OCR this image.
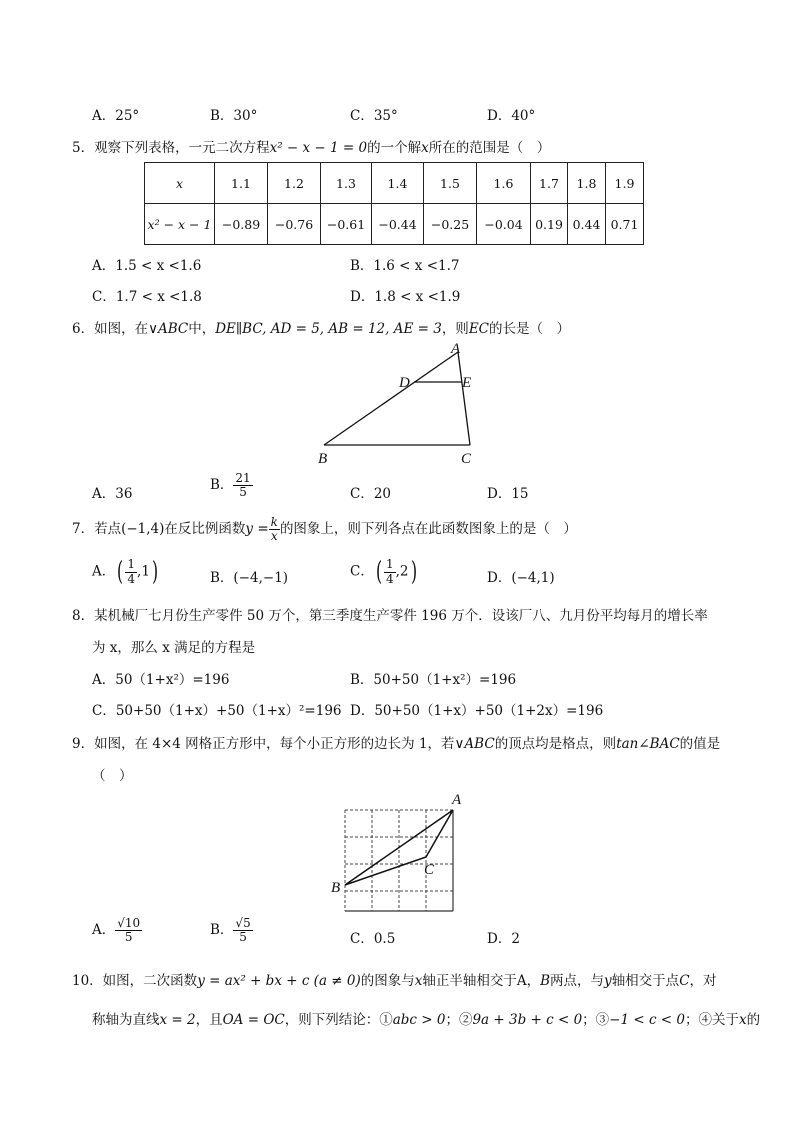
A．25°	B．30°	C．35°	D．40°
5．观察下列表格，一元二次方程x² − x − 1 = 0的一个解x所在的范围是（　）
x	1.1	1.2	1.3	1.4	1.5	1.6	1.7	1.8	1.9
x² − x − 1	−0.89	−0.76	−0.61	−0.44	−0.25	−0.04	0.19	0.44	0.71
A．1.5 < x <1.6	B．1.6 < x <1.7
C．1.7 < x <1.8	D．1.8 < x <1.9
6．如图，在∨ABC中，DE∥BC, AD = 5, AB = 12, AE = 3，则EC的长是（　）
A
D	E
B	C
A．36
B． $\frac{21}{5}$	C．20	D．15
7．若点(−1,4)在反比例函数$y = \frac{k}{x}$ 的图象上，则下列各点在此函数图象上的是（　）
A．( $\frac{1}{4} ,1$)	B．(−4,−1)	C．( $\frac{1}{4} ,2$)	D．(−4,1)
8．某机械厂七月份生产零件 50 万个，第三季度生产零件 196 万个．设该厂八、九月份平均每月的增长率
为 x，那么 x 满足的方程是
A．50（1+x²）=196	B．50+50（1+x²）=196
C．50+50（1+x）+50（1+x）²=196 D．50+50（1+x）+50（1+2x）=196
9．如图，在 4×4 网格正方形中，每个小正方形的边长为 1，若∨ABC的顶点均是格点，则tan∠BAC的值是
（　）
A
B
C
A． $\frac{√10}{5}$	B． $\frac{√5}{5}$	C．0.5	D．2
10．如图，二次函数y = ax² + bx + c (a ≠ 0)的图象与x轴正半轴相交于A，B两点，与y轴相交于点C，对
称轴为直线x = 2，且OA = OC，则下列结论：①abc > 0；②9a + 3b + c < 0；③−1 < c < 0；④关于x的
